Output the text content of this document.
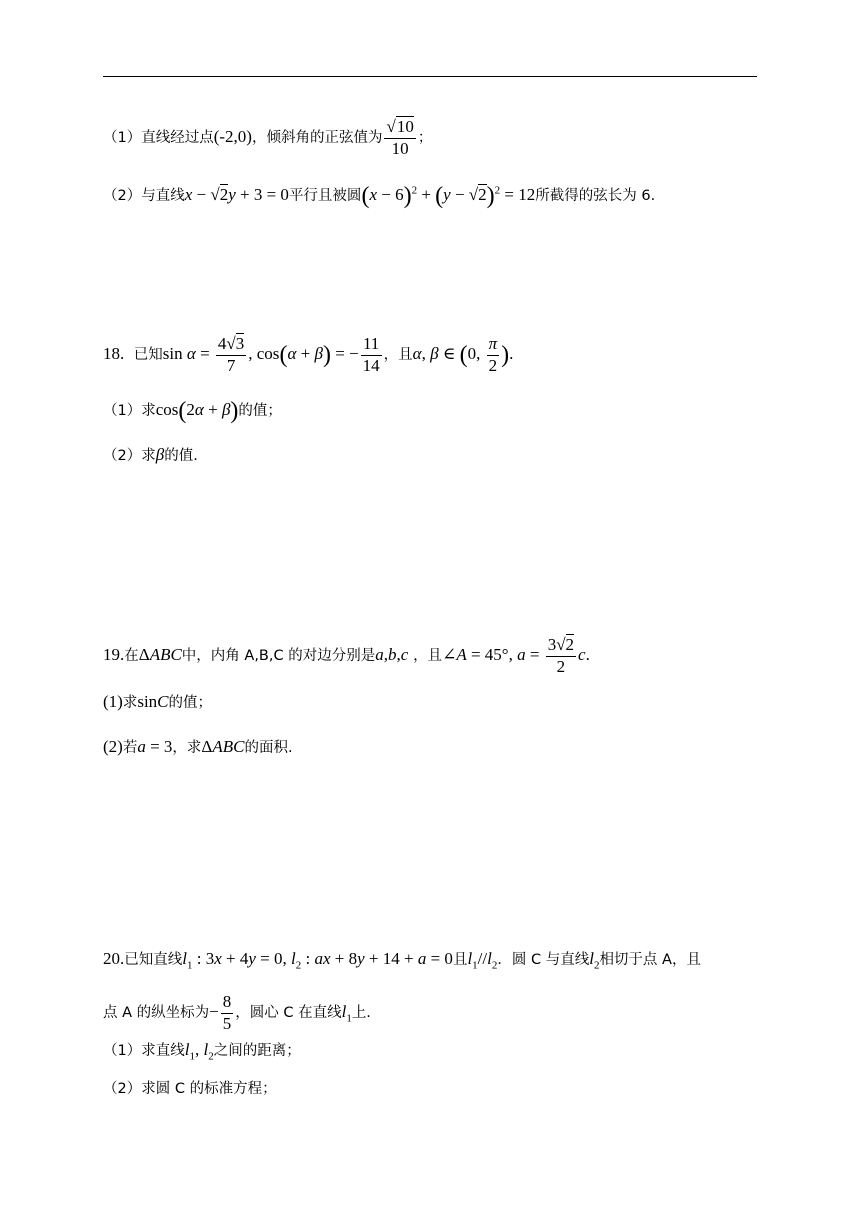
（1）直线经过点(-2,0)，倾斜角的正弦值为 $\frac{√10}{10}$ ；
（2）与直线x − √2y + 3 = 0平行且被圆$(x - 6)^2 + (y - √2)^2 = 12$所截得的弦长为 6.
18. 已知$\sin \alpha = \frac{4√3}{7}$ , cos(α + β) = − $\frac{11}{14}$ ，且α, β ∈ (0, $\frac{\pi}{2}$ ).
（1）求cos(2α + β)的值；
（2）求β的值.
19.在ΔABC中，内角 A,B,C 的对边分别是a,b,c ，且∠A = 45°, $a = \frac{3√2}{2} c$.
(1)求sinC的值；
(2)若a = 3，求ΔABC的面积.
20.已知直线$l_1$ : 3x + 4y = 0, $l_2$ : ax + 8y + 14 + a = 0且$l_1//l_2$．圆 C 与直线$l_2$相切于点 A，且
点 A 的纵坐标为− $\frac{8}{5}$ ，圆心 C 在直线$l_1$上.
（1）求直线$l_1$, $l_2$之间的距离；
（2）求圆 C 的标准方程；
